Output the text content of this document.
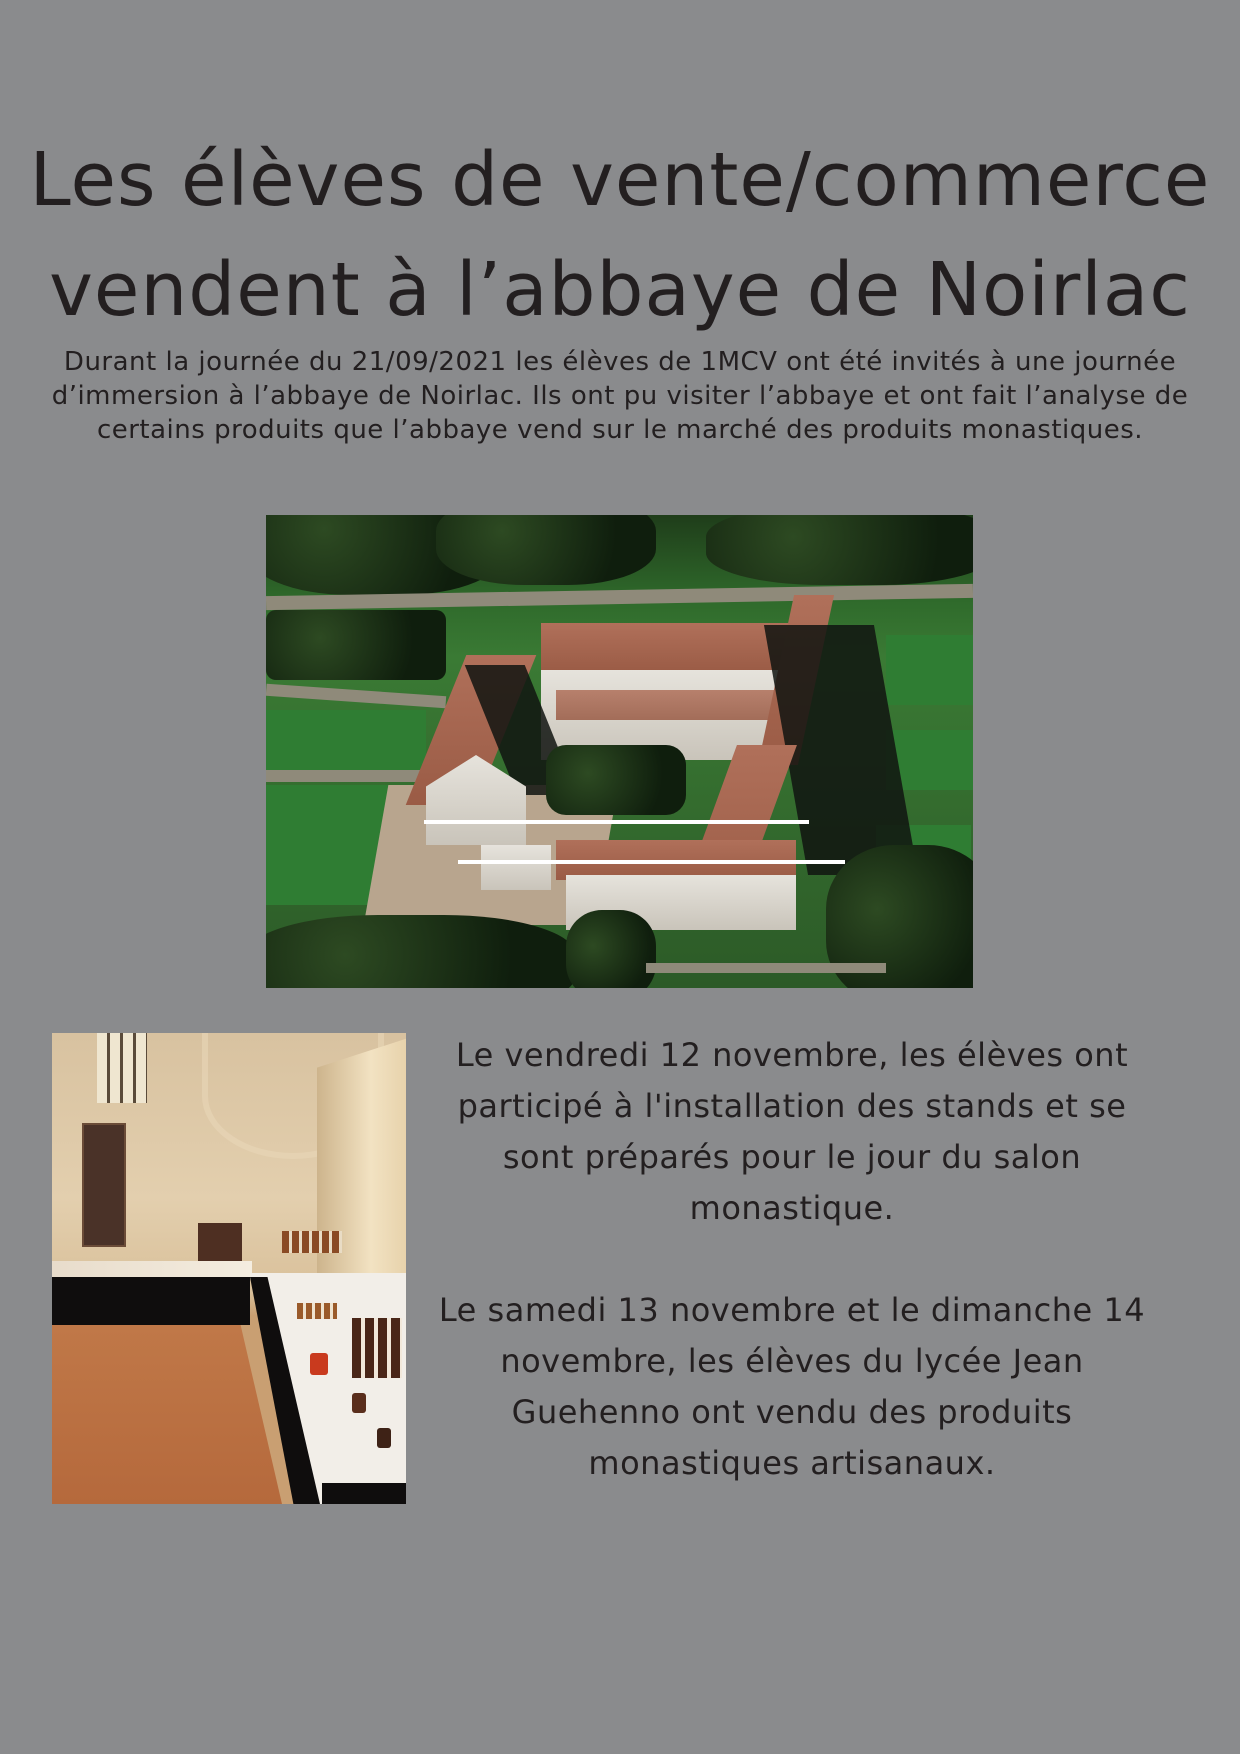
Les élèves de vente/commerce
vendent à l’abbaye de Noirlac

Durant la journée du 21/09/2021 les élèves de 1MCV ont été invités à une journée d’immersion à l’abbaye de Noirlac. Ils ont pu visiter l’abbaye et ont fait l’analyse de certains produits que l’abbaye vend sur le marché des produits monastiques.

Le vendredi 12 novembre, les élèves ont participé à l'installation des stands et se sont préparés pour le jour du salon monastique.

Le samedi 13 novembre et le dimanche 14 novembre, les élèves du lycée Jean Guehenno ont vendu des produits monastiques artisanaux.
